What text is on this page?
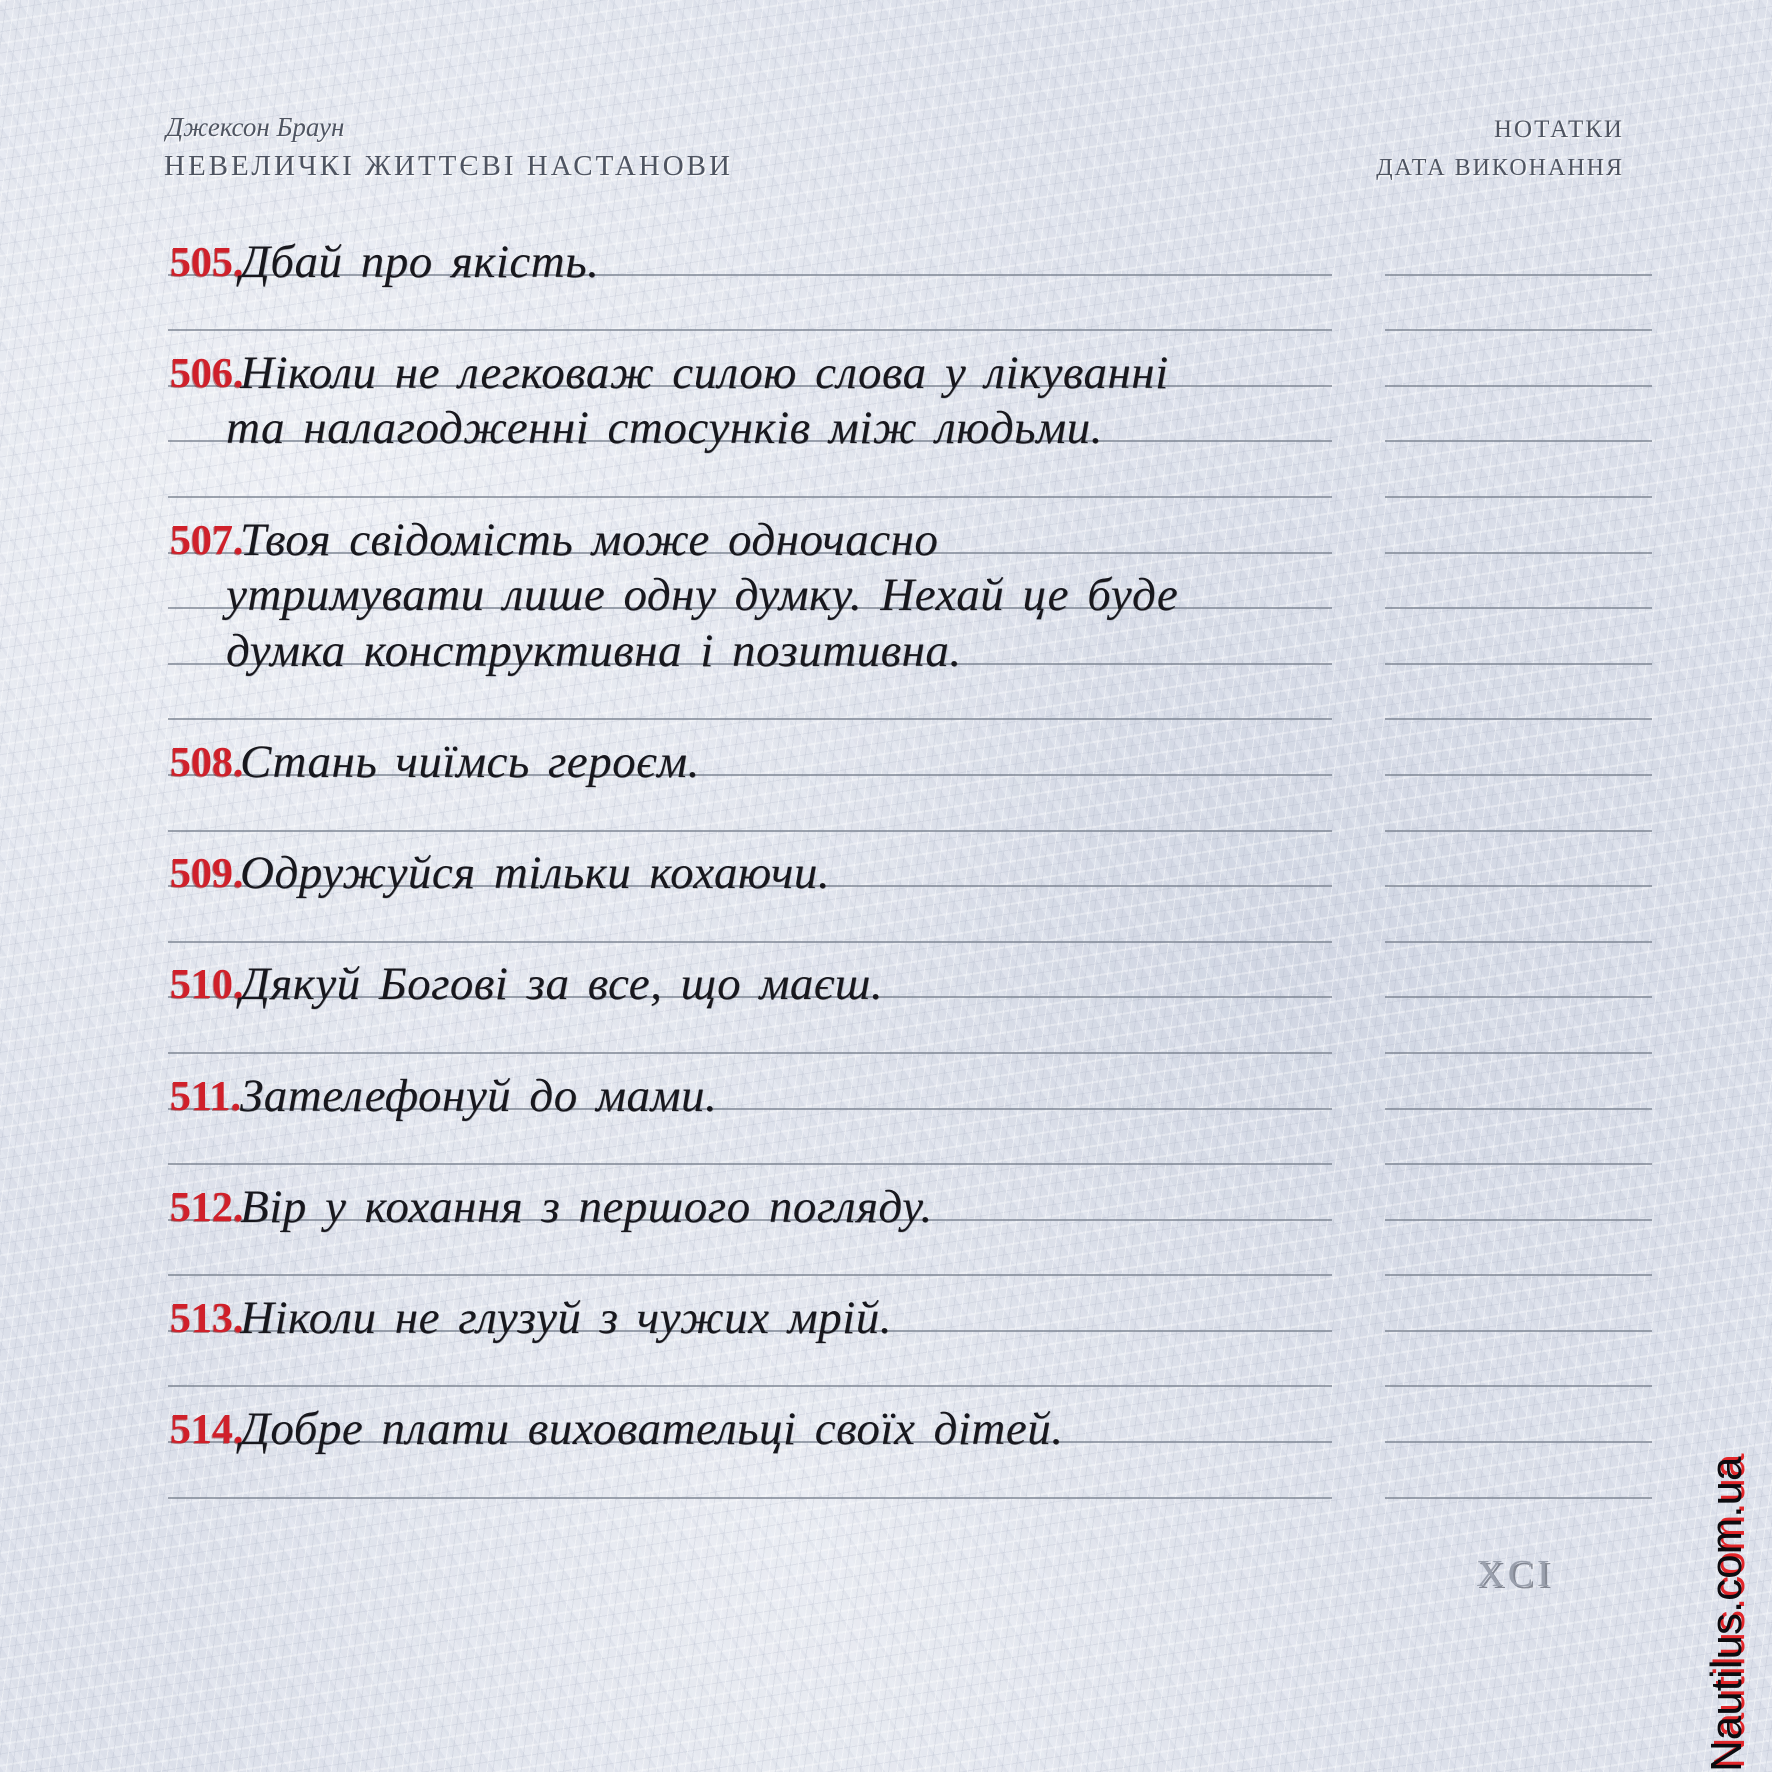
Джексон Браун
НЕВЕЛИЧКІ ЖИТТЄВІ НАСТАНОВИ
НОТАТКИ
ДАТА ВИКОНАННЯ
505.
Дбай про якість.
506.
Ніколи не легковаж силою слова у лікуванні
та налагодженні стосунків між людьми.
507.
Твоя свідомість може одночасно
утримувати лише одну думку. Нехай це буде
думка конструктивна і позитивна.
508.
Стань чиїмсь героєм.
509.
Одружуйся тільки кохаючи.
510.
Дякуй Богові за все, що маєш.
511.
Зателефонуй до мами.
512.
Вір у кохання з першого погляду.
513.
Ніколи не глузуй з чужих мрій.
514.
Добре плати виховательці своїх дітей.
XCI	Nautilus.com.ua
